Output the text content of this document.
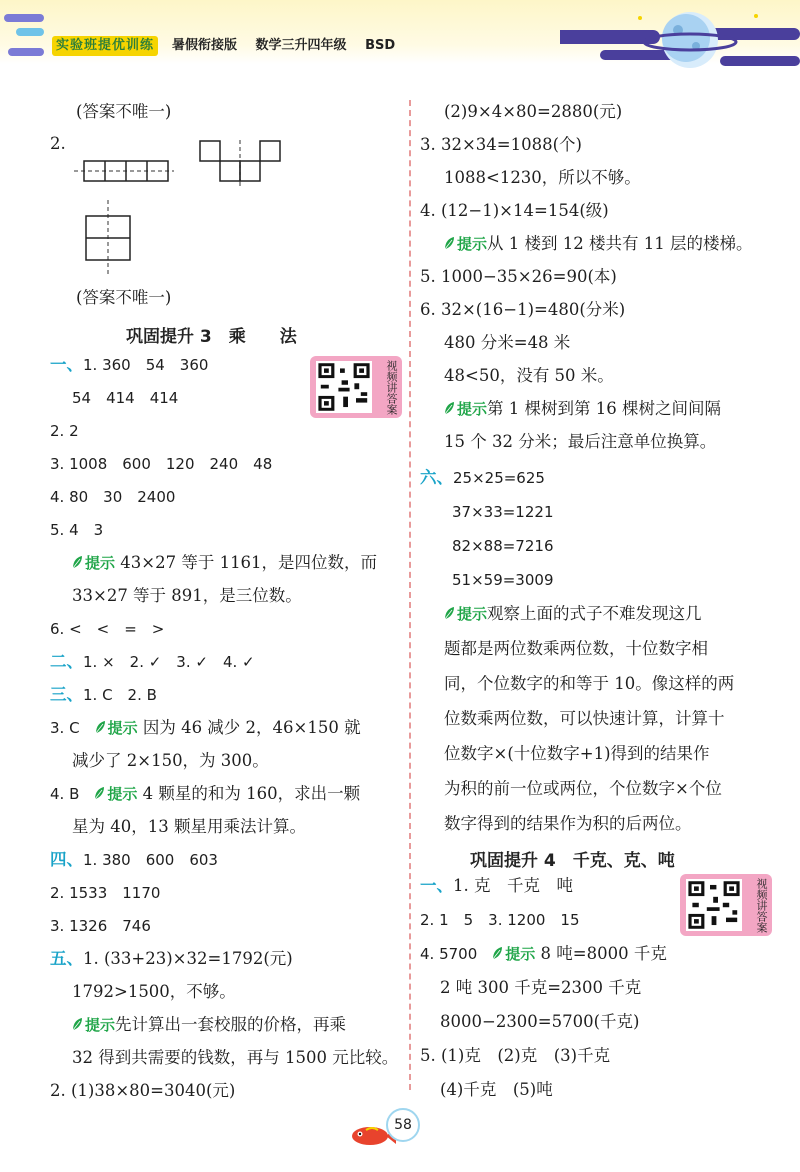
实验班提优训练	暑假衔接版 数学三升四年级 BSD
(答案不唯一)
2.
(答案不唯一)
巩固提升 3　乘　　法
视频讲答案
一、1. 360　54　360
54　414　414
2. 2
3. 1008　600　120　240　48
4. 80　30　2400
5. 4　3
提示 43×27 等于 1161，是四位数，而
33×27 等于 891，是三位数。
6. <　<　=　>
二、1. ×　2. ✓　3. ✓　4. ✓
三、1. C　2. B
3. C　提示 因为 46 减少 2，46×150 就
减少了 2×150，为 300。
4. B　提示 4 颗星的和为 160，求出一颗
星为 40，13 颗星用乘法计算。
四、1. 380　600　603
2. 1533　1170
3. 1326　746
五、1. (33+23)×32=1792(元)
1792>1500，不够。
提示先计算出一套校服的价格，再乘
32 得到共需要的钱数，再与 1500 元比较。
2. (1)38×80=3040(元)
(2)9×4×80=2880(元)
3. 32×34=1088(个)
1088<1230，所以不够。
4. (12−1)×14=154(级)
提示从 1 楼到 12 楼共有 11 层的楼梯。
5. 1000−35×26=90(本)
6. 32×(16−1)=480(分米)
480 分米=48 米
48<50，没有 50 米。
提示第 1 棵树到第 16 棵树之间间隔
15 个 32 分米；最后注意单位换算。
六、25×25=625
37×33=1221
82×88=7216
51×59=3009
提示观察上面的式子不难发现这几
题都是两位数乘两位数，十位数字相
同，个位数字的和等于 10。像这样的两
位数乘两位数，可以快速计算，计算十
位数字×(十位数字+1)得到的结果作
为积的前一位或两位，个位数字×个位
数字得到的结果作为积的后两位。
巩固提升 4　千克、克、吨
视频讲答案
一、1. 克　千克　吨
2. 1　5　3. 1200　15
4. 5700　提示 8 吨=8000 千克
2 吨 300 千克=2300 千克
8000−2300=5700(千克)
5. (1)克　(2)克　(3)千克
(4)千克　(5)吨
58
